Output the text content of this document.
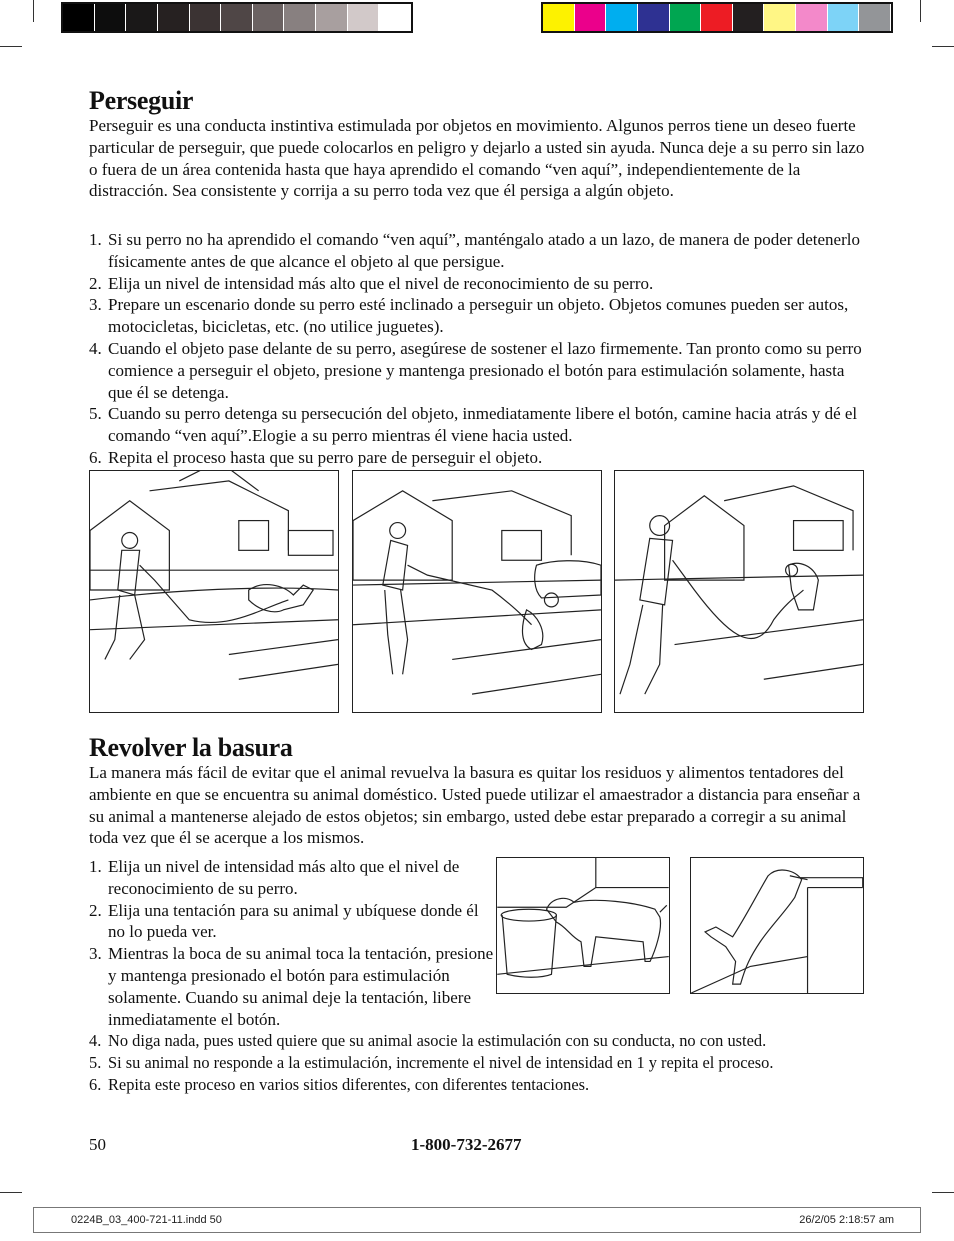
Perseguir

Perseguir es una conducta instintiva estimulada por objetos en movimiento. Algunos perros tiene un deseo fuerte particular de perseguir, que puede colocarlos en peligro y dejarlo a usted sin ayuda. Nunca deje a su perro sin lazo o fuera de un área contenida hasta que haya aprendido el comando “ven aquí”, independientemente de la distracción. Sea consistente y corrija a su perro toda vez que él persiga a algún objeto.

1. Si su perro no ha aprendido el comando “ven aquí”, manténgalo atado a un lazo, de manera de poder detenerlo físicamente antes de que alcance el objeto al que persigue.
2. Elija un nivel de intensidad más alto que el nivel de reconocimiento de su perro.
3. Prepare un escenario donde su perro esté inclinado a perseguir un objeto. Objetos comunes pueden ser autos, motocicletas, bicicletas, etc. (no utilice juguetes).
4. Cuando el objeto pase delante de su perro, asegúrese de sostener el lazo firmemente. Tan pronto como su perro comience a perseguir el objeto, presione y mantenga presionado el botón para estimulación solamente, hasta que él se detenga.
5. Cuando su perro detenga su persecución del objeto, inmediatamente libere el botón, camine hacia atrás y dé el comando “ven aquí”.Elogie a su perro mientras él viene hacia usted.
6. Repita el proceso hasta que su perro pare de perseguir el objeto.
Revolver la basura

La manera más fácil de evitar que el animal revuelva la basura es quitar los residuos y alimentos tentadores del ambiente en que se encuentra su animal doméstico. Usted puede utilizar el amaestrador a distancia para enseñar a su animal a mantenerse alejado de estos objetos; sin embargo, usted debe estar preparado a corregir a su animal toda vez que él se acerque a los mismos.

1. Elija un nivel de intensidad más alto que el nivel de reconocimiento de su perro.
2. Elija una tentación para su animal y ubíquese donde él no lo pueda ver.
3. Mientras la boca de su animal toca la tentación, presione y mantenga presionado el botón para estimulación solamente. Cuando su animal deje la tentación, libere inmediatamente el botón.
4. No diga nada, pues usted quiere que su animal asocie la estimulación con su conducta, no con usted.
5. Si su animal no responde a la estimulación, incremente el nivel de intensidad en 1 y repita el proceso.
6. Repita este proceso en varios sitios diferentes, con diferentes tentaciones.
50	1-800-732-2677
0224B_03_400-721-11.indd 50	26/2/05 2:18:57 am
